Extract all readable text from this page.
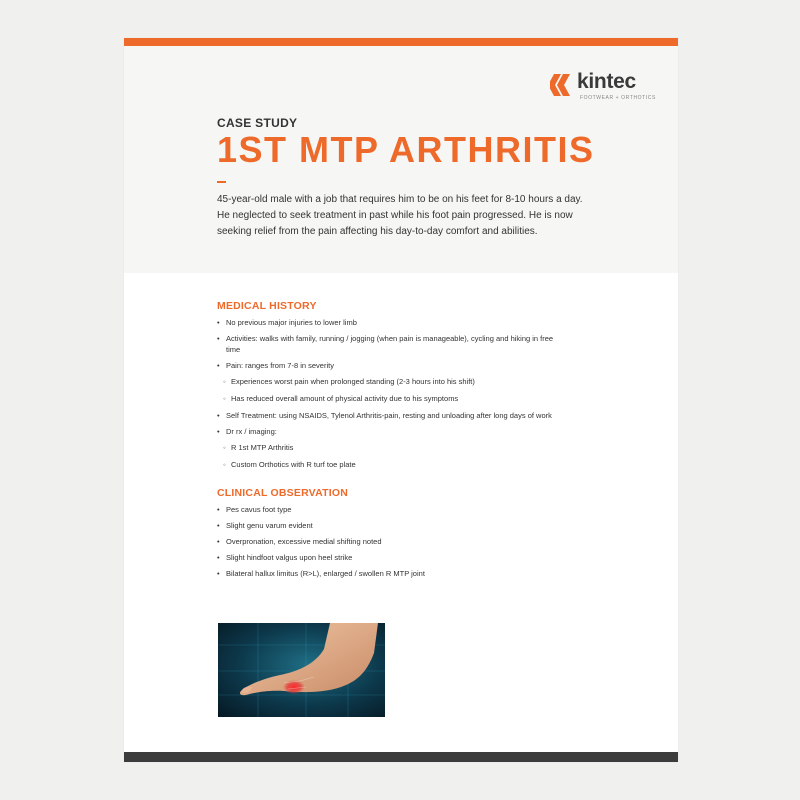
kintec
FOOTWEAR + ORTHOTICS
CASE STUDY
1ST MTP ARTHRITIS
45-year-old male with a job that requires him to be on his feet for 8-10 hours a day. He neglected to seek treatment in past while his foot pain progressed. He is now seeking relief from the pain affecting his day-to-day comfort and abilities.
MEDICAL HISTORY
• No previous major injuries to lower limb
• Activities: walks with family, running / jogging (when pain is manageable), cycling and hiking in free time
• Pain: ranges from 7-8 in severity
◦ Experiences worst pain when prolonged standing (2-3 hours into his shift)
◦ Has reduced overall amount of physical activity due to his symptoms
• Self Treatment: using NSAIDS, Tylenol Arthritis-pain, resting and unloading after long days of work
• Dr rx / imaging:
◦ R 1st MTP Arthritis
◦ Custom Orthotics with R turf toe plate
CLINICAL OBSERVATION
• Pes cavus foot type
• Slight genu varum evident
• Overpronation, excessive medial shifting noted
• Slight hindfoot valgus upon heel strike
• Bilateral hallux limitus (R>L), enlarged / swollen R MTP joint
